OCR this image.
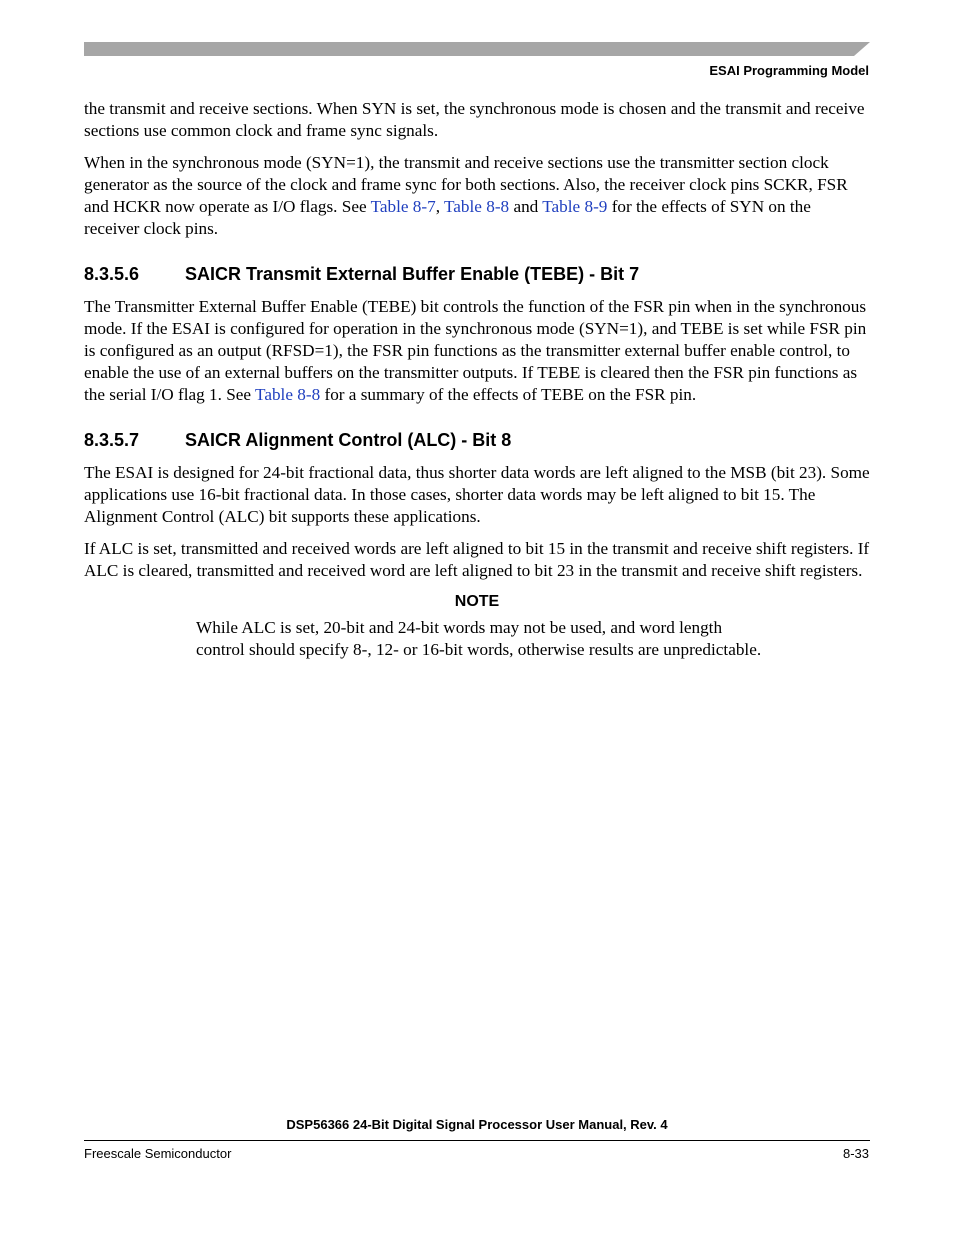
ESAI Programming Model

the transmit and receive sections. When SYN is set, the synchronous mode is chosen and the transmit and receive sections use common clock and frame sync signals.

When in the synchronous mode (SYN=1), the transmit and receive sections use the transmitter section clock generator as the source of the clock and frame sync for both sections. Also, the receiver clock pins SCKR, FSR and HCKR now operate as I/O flags. See Table 8-7, Table 8-8 and Table 8-9 for the effects of SYN on the receiver clock pins.

8.3.5.6	SAICR Transmit External Buffer Enable (TEBE) - Bit 7

The Transmitter External Buffer Enable (TEBE) bit controls the function of the FSR pin when in the synchronous mode. If the ESAI is configured for operation in the synchronous mode (SYN=1), and TEBE is set while FSR pin is configured as an output (RFSD=1), the FSR pin functions as the transmitter external buffer enable control, to enable the use of an external buffers on the transmitter outputs. If TEBE is cleared then the FSR pin functions as the serial I/O flag 1. See Table 8-8 for a summary of the effects of TEBE on the FSR pin.

8.3.5.7	SAICR Alignment Control (ALC) - Bit 8

The ESAI is designed for 24-bit fractional data, thus shorter data words are left aligned to the MSB (bit 23). Some applications use 16-bit fractional data. In those cases, shorter data words may be left aligned to bit 15. The Alignment Control (ALC) bit supports these applications.

If ALC is set, transmitted and received words are left aligned to bit 15 in the transmit and receive shift registers. If ALC is cleared, transmitted and received word are left aligned to bit 23 in the transmit and receive shift registers.

NOTE
While ALC is set, 20-bit and 24-bit words may not be used, and word length control should specify 8-, 12- or 16-bit words, otherwise results are unpredictable.
DSP56366 24-Bit Digital Signal Processor User Manual, Rev. 4
Freescale Semiconductor	8-33
